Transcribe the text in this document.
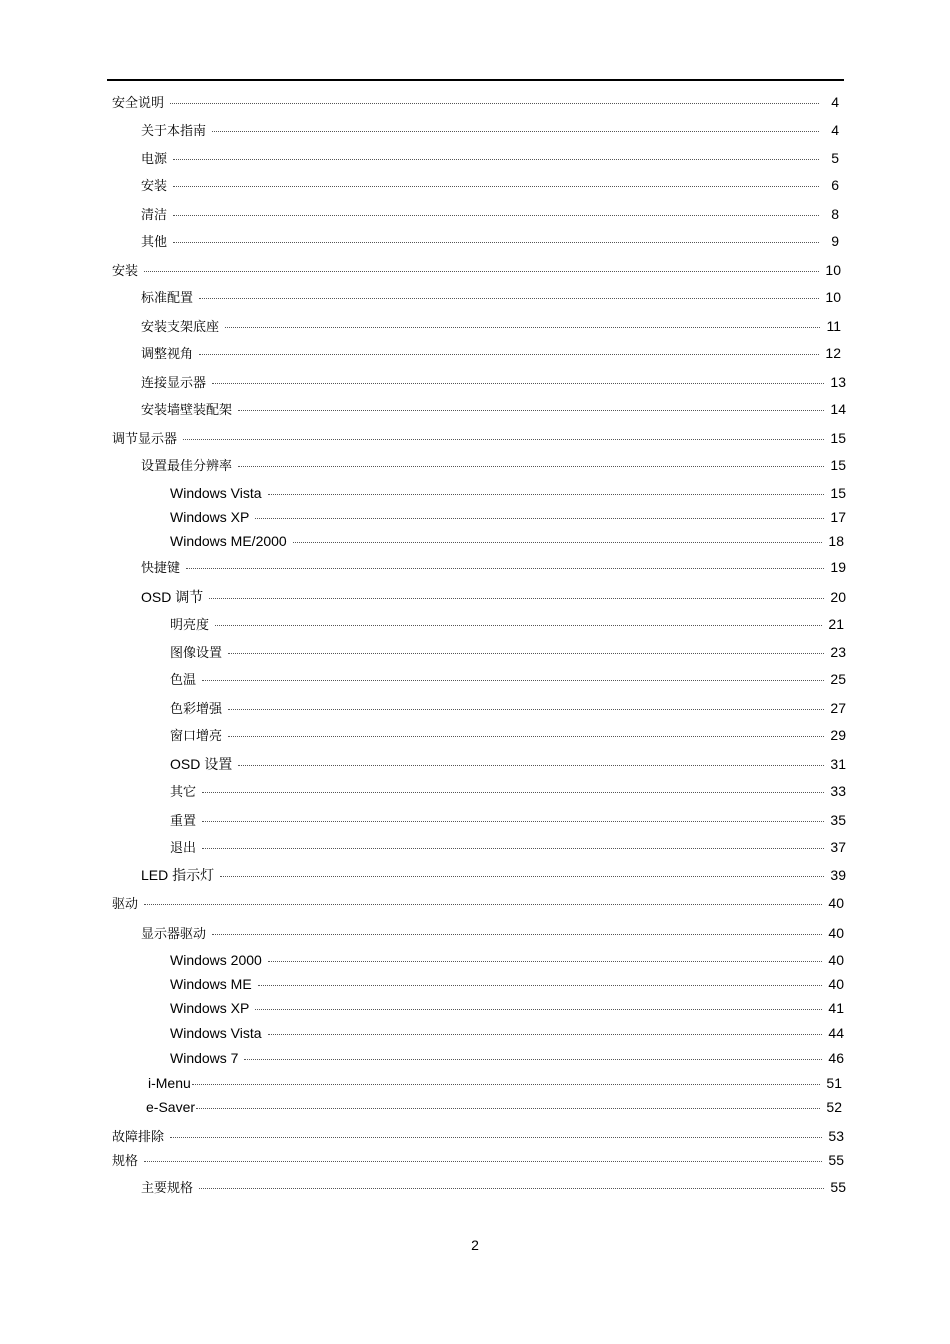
安全说明	4
关于本指南	4
电源	5
安装	6
清洁	8
其他	9
安装	10
标准配置	10
安装支架底座	11
调整视角	12
连接显示器	13
安装墙壁装配架	14
调节显示器	15
设置最佳分辨率	15
Windows Vista	15
Windows XP	17
Windows ME/2000	18
快捷键	19
OSD 调节	20
明亮度	21
图像设置	23
色温	25
色彩增强	27
窗口增亮	29
OSD 设置	31
其它	33
重置	35
退出	37
LED 指示灯	39
驱动	40
显示器驱动	40
Windows 2000	40
Windows ME	40
Windows XP	41
Windows Vista	44
Windows 7	46
i-Menu	51
e-Saver	52
故障排除	53
规格	55
主要规格	55
2
